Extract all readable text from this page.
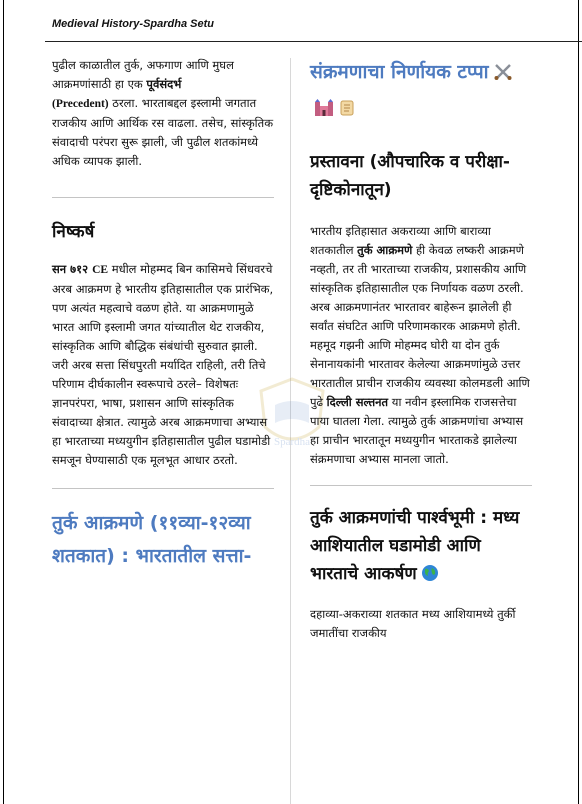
Medieval History-Spardha Setu
Spardha

पुढील काळातील तुर्क, अफगाण आणि मुघल आक्रमणांसाठी हा एक पूर्वसंदर्भ
(Precedent) ठरला. भारताबद्दल इस्लामी जगतात राजकीय आणि आर्थिक रस वाढला. तसेच, सांस्कृतिक संवादाची परंपरा सुरू झाली, जी पुढील शतकांमध्ये अधिक व्यापक झाली.

निष्कर्ष

सन ७१२ CE मधील मोहम्मद बिन कासिमचे सिंधवरचे अरब आक्रमण हे भारतीय इतिहासातील एक प्रारंभिक, पण अत्यंत महत्वाचे वळण होते. या आक्रमणामुळे भारत आणि इस्लामी जगत यांच्यातील थेट राजकीय, सांस्कृतिक आणि बौद्धिक संबंधांची सुरुवात झाली. जरी अरब सत्ता सिंधपुरती मर्यादित राहिली, तरी तिचे परिणाम दीर्घकालीन स्वरूपाचे ठरले– विशेषतः ज्ञानपरंपरा, भाषा, प्रशासन आणि सांस्कृतिक संवादाच्या क्षेत्रात. त्यामुळे अरब आक्रमणाचा अभ्यास हा भारताच्या मध्ययुगीन इतिहासातील पुढील घडामोडी समजून घेण्यासाठी एक मूलभूत आधार ठरतो.

तुर्क आक्रमणे (११व्या-१२व्या शतकात) : भारतातील सत्ता-
संक्रमणाचा निर्णायक टप्पा
प्रस्तावना (औपचारिक व परीक्षा-दृष्टिकोनातून)

भारतीय इतिहासात अकराव्या आणि बाराव्या शतकातील तुर्क आक्रमणे ही केवळ लष्करी आक्रमणे नव्हती, तर ती भारताच्या राजकीय, प्रशासकीय आणि सांस्कृतिक इतिहासातील एक निर्णायक वळण ठरली. अरब आक्रमणानंतर भारतावर बाहेरून झालेली ही सर्वांत संघटित आणि परिणामकारक आक्रमणे होती. महमूद गझनी आणि मोहम्मद घोरी या दोन तुर्क सेनानायकांनी भारतावर केलेल्या आक्रमणांमुळे उत्तर भारतातील प्राचीन राजकीय व्यवस्था कोलमडली आणि पुढे दिल्ली सल्तनत या नवीन इस्लामिक राजसत्तेचा पाया घातला गेला. त्यामुळे तुर्क आक्रमणांचा अभ्यास हा प्राचीन भारतातून मध्ययुगीन भारताकडे झालेल्या संक्रमणाचा अभ्यास मानला जातो.

तुर्क आक्रमणांची पार्श्वभूमी : मध्य आशियातील घडामोडी आणि भारताचे आकर्षण

दहाव्या-अकराव्या शतकात मध्य आशियामध्ये तुर्की जमातींचा राजकीय
